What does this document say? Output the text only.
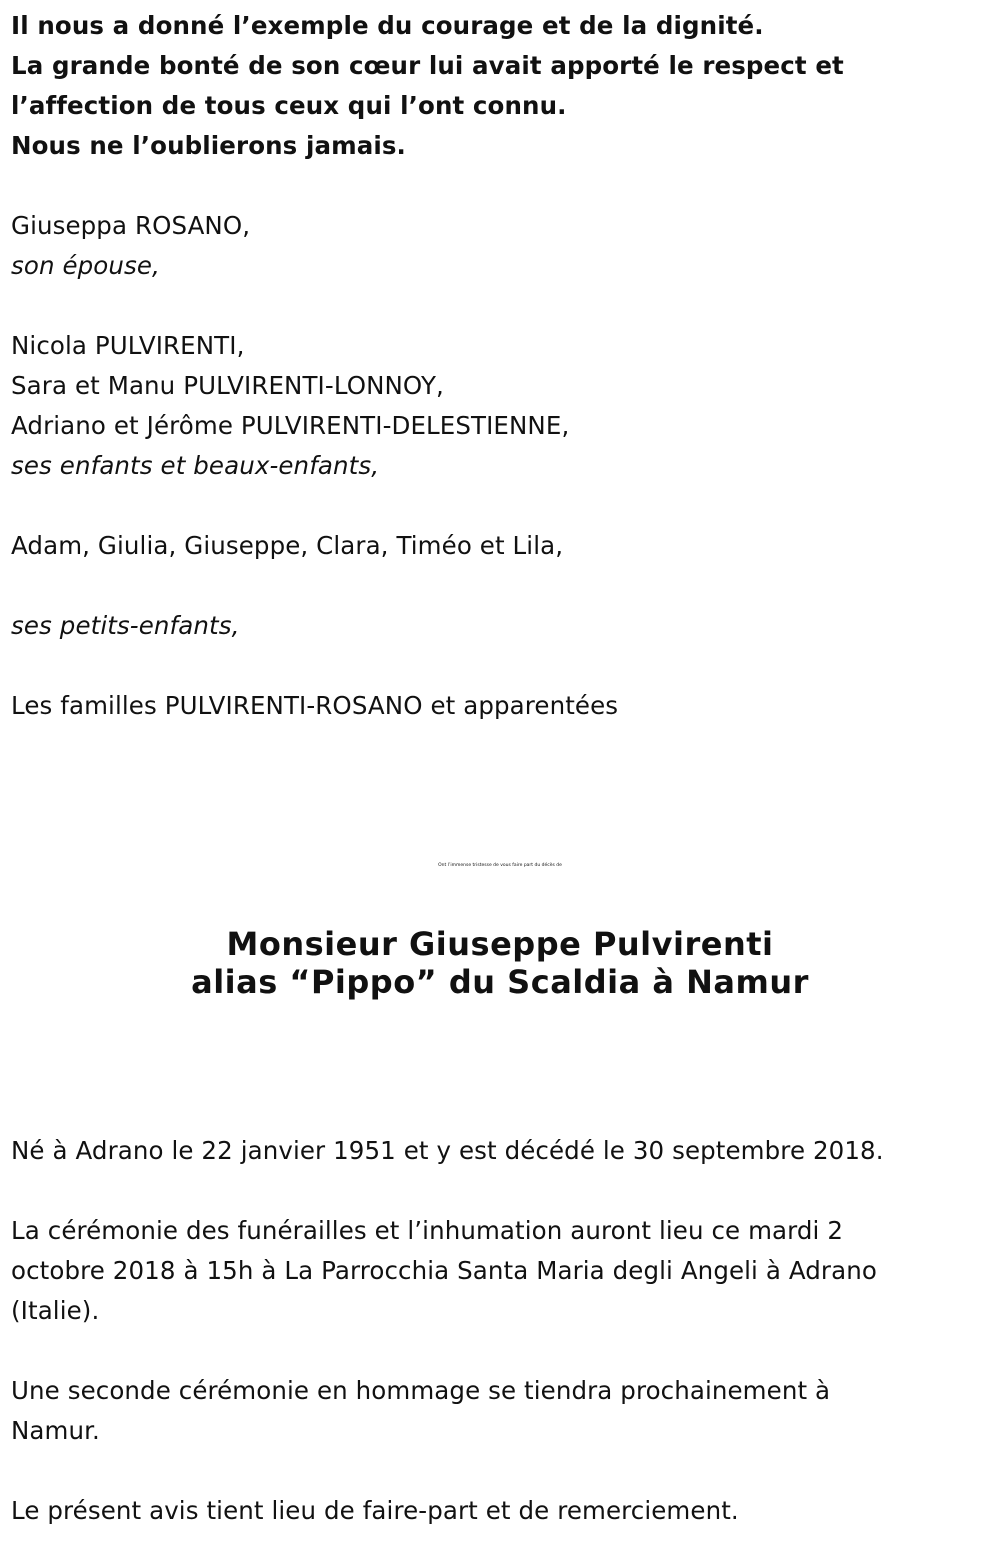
Il nous a donné l’exemple du courage et de la dignité.
La grande bonté de son cœur lui avait apporté le respect et
l’affection de tous ceux qui l’ont connu.
Nous ne l’oublierons jamais.
Giuseppa ROSANO,
son épouse,
Nicola PULVIRENTI,
Sara et Manu PULVIRENTI-LONNOY,
Adriano et Jérôme PULVIRENTI-DELESTIENNE,
ses enfants et beaux-enfants,
Adam, Giulia, Giuseppe, Clara, Timéo et Lila,
ses petits-enfants,
Les familles PULVIRENTI-ROSANO et apparentées
Ont l’immense tristesse de vous faire part du décès de
Monsieur Giuseppe Pulvirenti
alias “Pippo” du Scaldia à Namur
Né à Adrano le 22 janvier 1951 et y est décédé le 30 septembre 2018.
La cérémonie des funérailles et l’inhumation auront lieu ce mardi 2
octobre 2018 à 15h à La Parrocchia Santa Maria degli Angeli à Adrano
(Italie).
Une seconde cérémonie en hommage se tiendra prochainement à
Namur.
Le présent avis tient lieu de faire-part et de remerciement.
